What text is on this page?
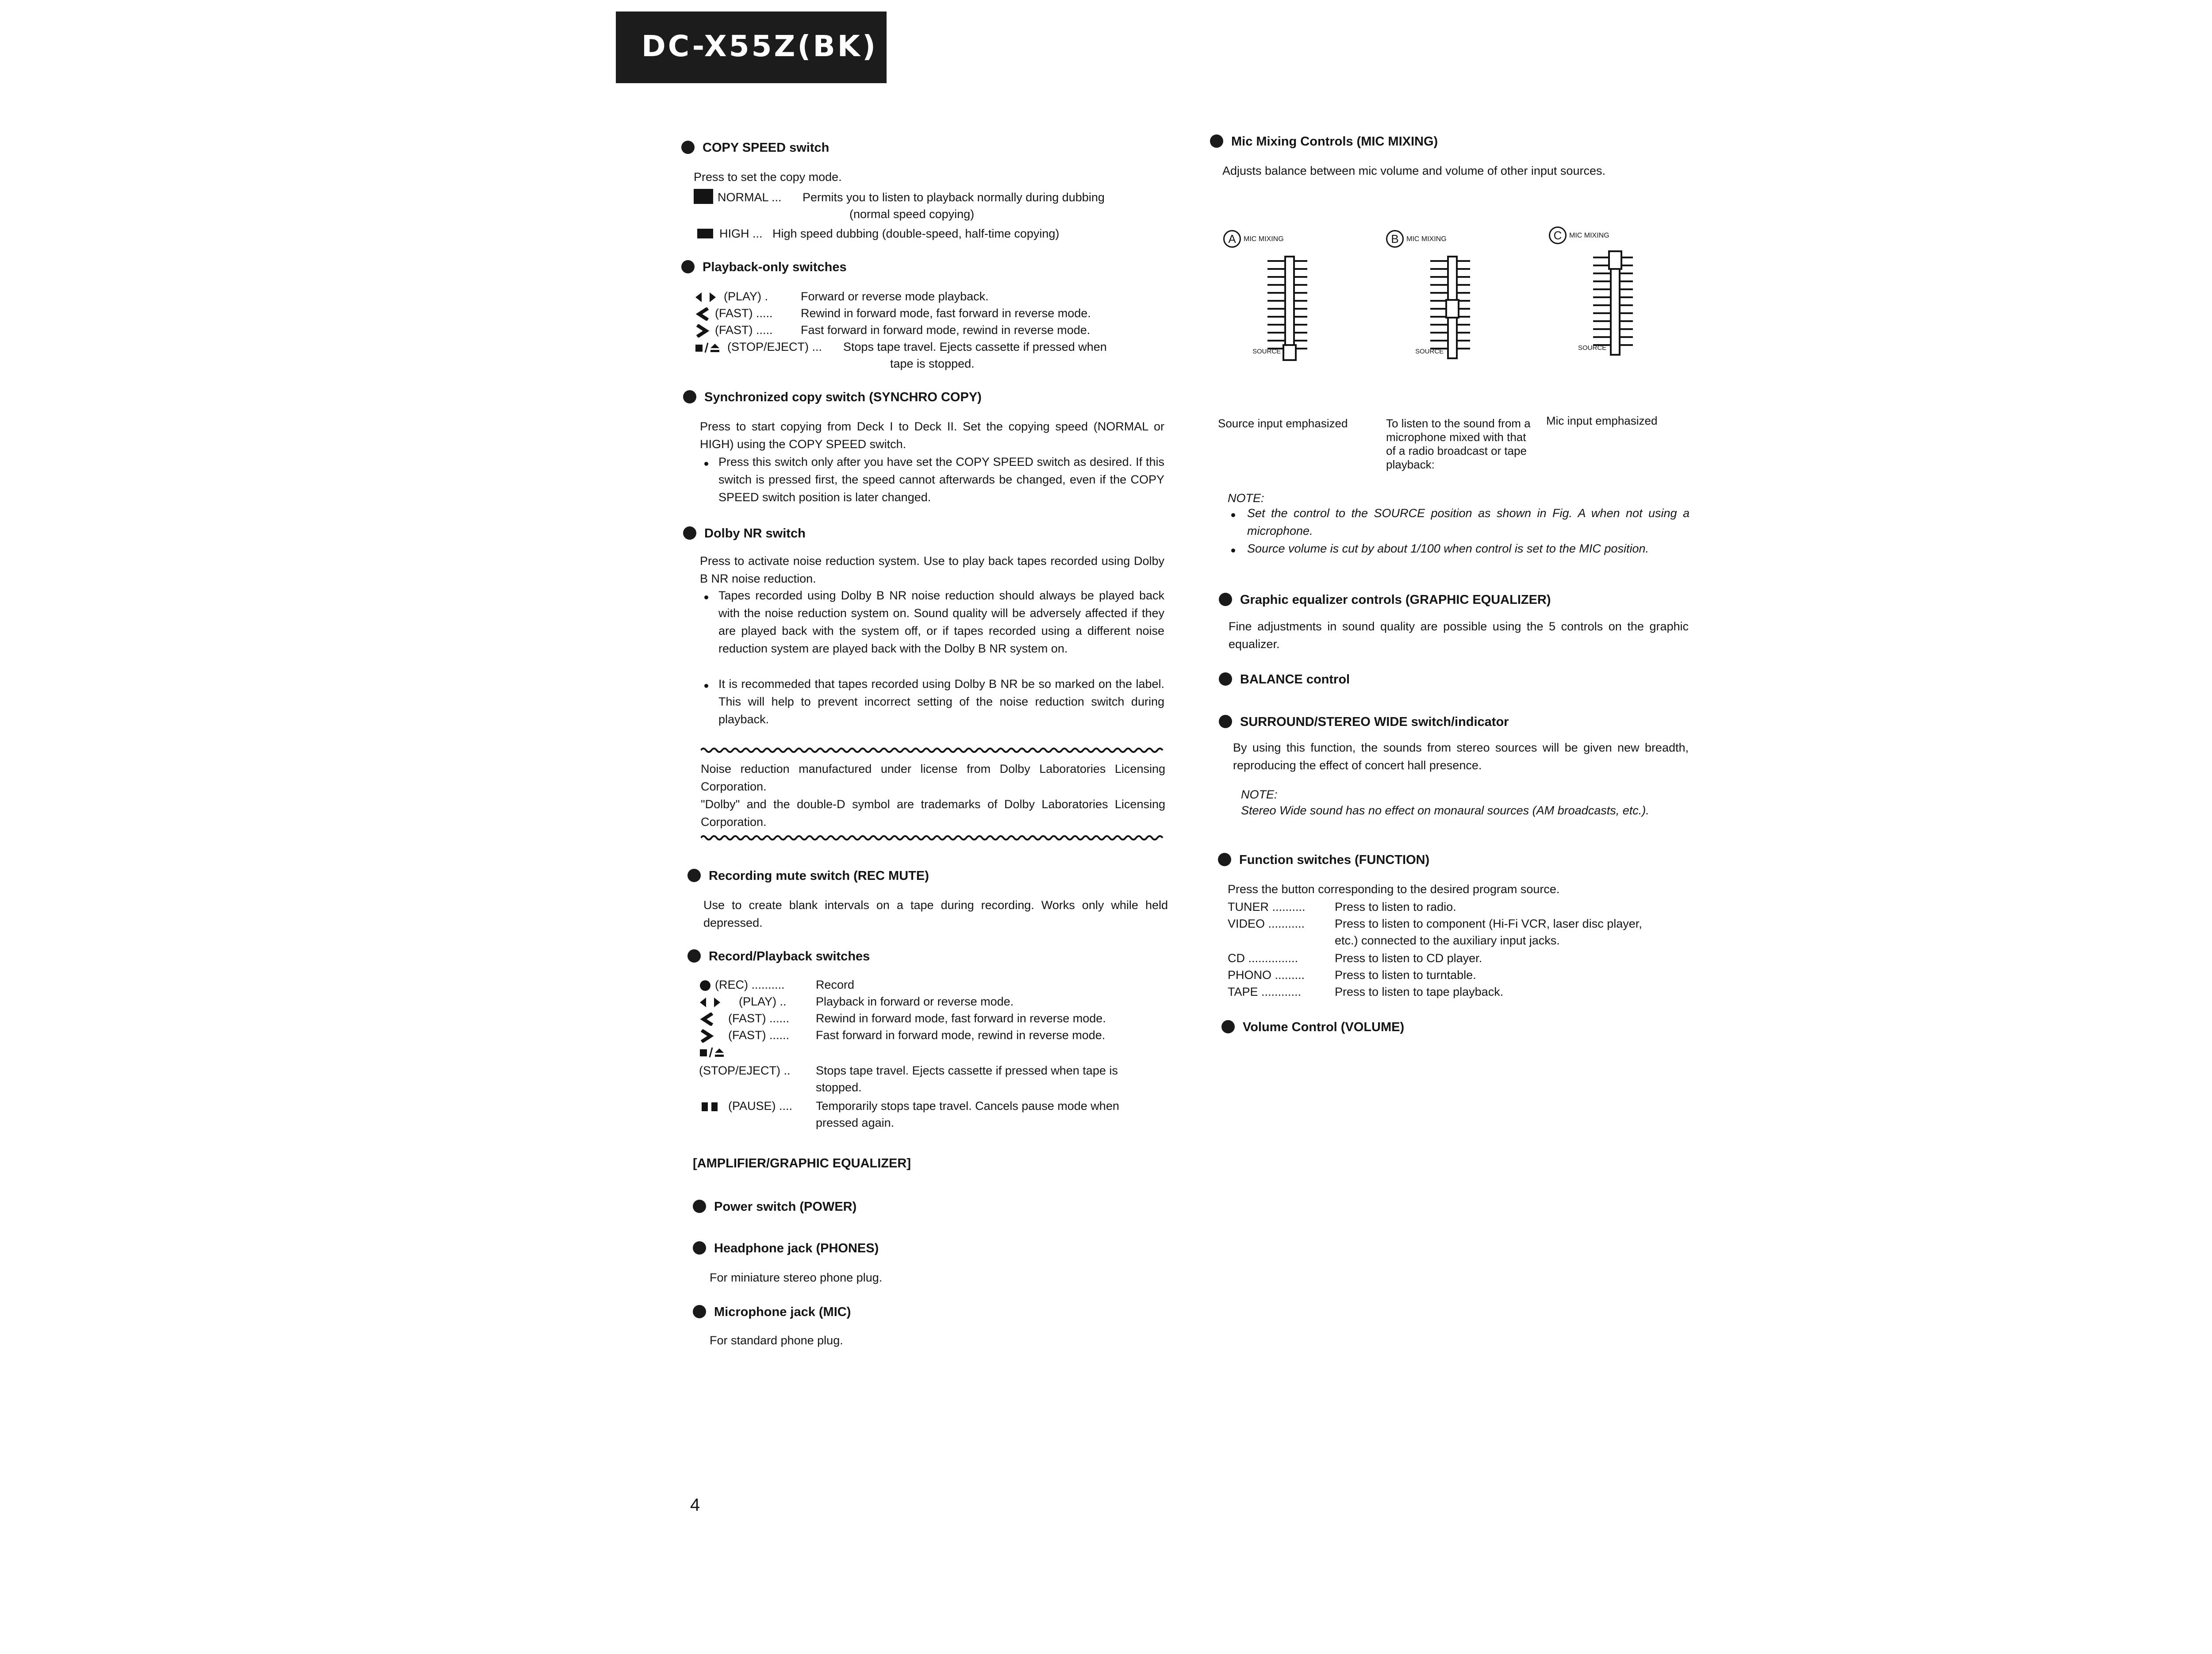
DC-X55Z(BK)
COPY SPEED switch
Press to set the copy mode.
NORMAL ... Permits you to listen to playback normally during dubbing
(normal speed copying)
HIGH ... High speed dubbing (double-speed, half-time copying)
Playback-only switches
(PLAY) .	Forward or reverse mode playback.
(FAST) ..... Rewind in forward mode, fast forward in reverse mode.
(FAST) ..... Fast forward in forward mode, rewind in reverse mode.
(STOP/EJECT) ... Stops tape travel. Ejects cassette if pressed when
tape is stopped.
Synchronized copy switch (SYNCHRO COPY)
Press to start copying from Deck I to Deck II. Set the copying speed (NORMAL or HIGH) using the COPY SPEED switch.
Press this switch only after you have set the COPY SPEED switch as desired. If this switch is pressed first, the speed cannot afterwards be changed, even if the COPY SPEED switch position is later changed.
Dolby NR switch
Press to activate noise reduction system. Use to play back tapes recorded using Dolby B NR noise reduction.
Tapes recorded using Dolby B NR noise reduction should always be played back with the noise reduction system on. Sound quality will be adversely affected if they are played back with the system off, or if tapes recorded using a different noise reduction system are played back with the Dolby B NR system on.
It is recommeded that tapes recorded using Dolby B NR be so marked on the label. This will help to prevent incorrect setting of the noise reduction switch during playback.
Noise reduction manufactured under license from Dolby Laboratories Licensing Corporation.
"Dolby" and the double-D symbol are trademarks of Dolby Laboratories Licensing Corporation.
Recording mute switch (REC MUTE)
Use to create blank intervals on a tape during recording. Works only while held depressed.
Record/Playback switches
(REC) ..........	Record
(PLAY) .. Playback in forward or reverse mode.
(FAST) ...... Rewind in forward mode, fast forward in reverse mode.
(FAST) ...... Fast forward in forward mode, rewind in reverse mode.
(STOP/EJECT) .. Stops tape travel. Ejects cassette if pressed when tape is
stopped.
(PAUSE) .... Temporarily stops tape travel. Cancels pause mode when
pressed again.
[AMPLIFIER/GRAPHIC EQUALIZER]
Power switch (POWER)
Headphone jack (PHONES)
For miniature stereo phone plug.
Microphone jack (MIC)
For standard phone plug.
4
Mic Mixing Controls (MIC MIXING)
Adjusts balance between mic volume and volume of other input sources.
A MIC MIXING
SOURCE
Source input emphasized
B MIC MIXING
SOURCE
To listen to the sound from a microphone mixed with that of a radio broadcast or tape playback:
C MIC MIXING
SOURCE
Mic input emphasized
NOTE:
Set the control to the SOURCE position as shown in Fig. A when not using a microphone.
Source volume is cut by about 1/100 when control is set to the MIC position.
Graphic equalizer controls (GRAPHIC EQUALIZER)
Fine adjustments in sound quality are possible using the 5 controls on the graphic equalizer.
BALANCE control
SURROUND/STEREO WIDE switch/indicator
By using this function, the sounds from stereo sources will be given new breadth, reproducing the effect of concert hall presence.
NOTE:
Stereo Wide sound has no effect on monaural sources (AM broadcasts, etc.).
Function switches (FUNCTION)
Press the button corresponding to the desired program source.
TUNER .......... Press to listen to radio.
VIDEO ...........	Press to listen to component (Hi-Fi VCR, laser disc player,
etc.) connected to the auxiliary input jacks.
CD ...............	Press to listen to CD player.
PHONO .........	Press to listen to turntable.
TAPE ............	Press to listen to tape playback.
Volume Control (VOLUME)
